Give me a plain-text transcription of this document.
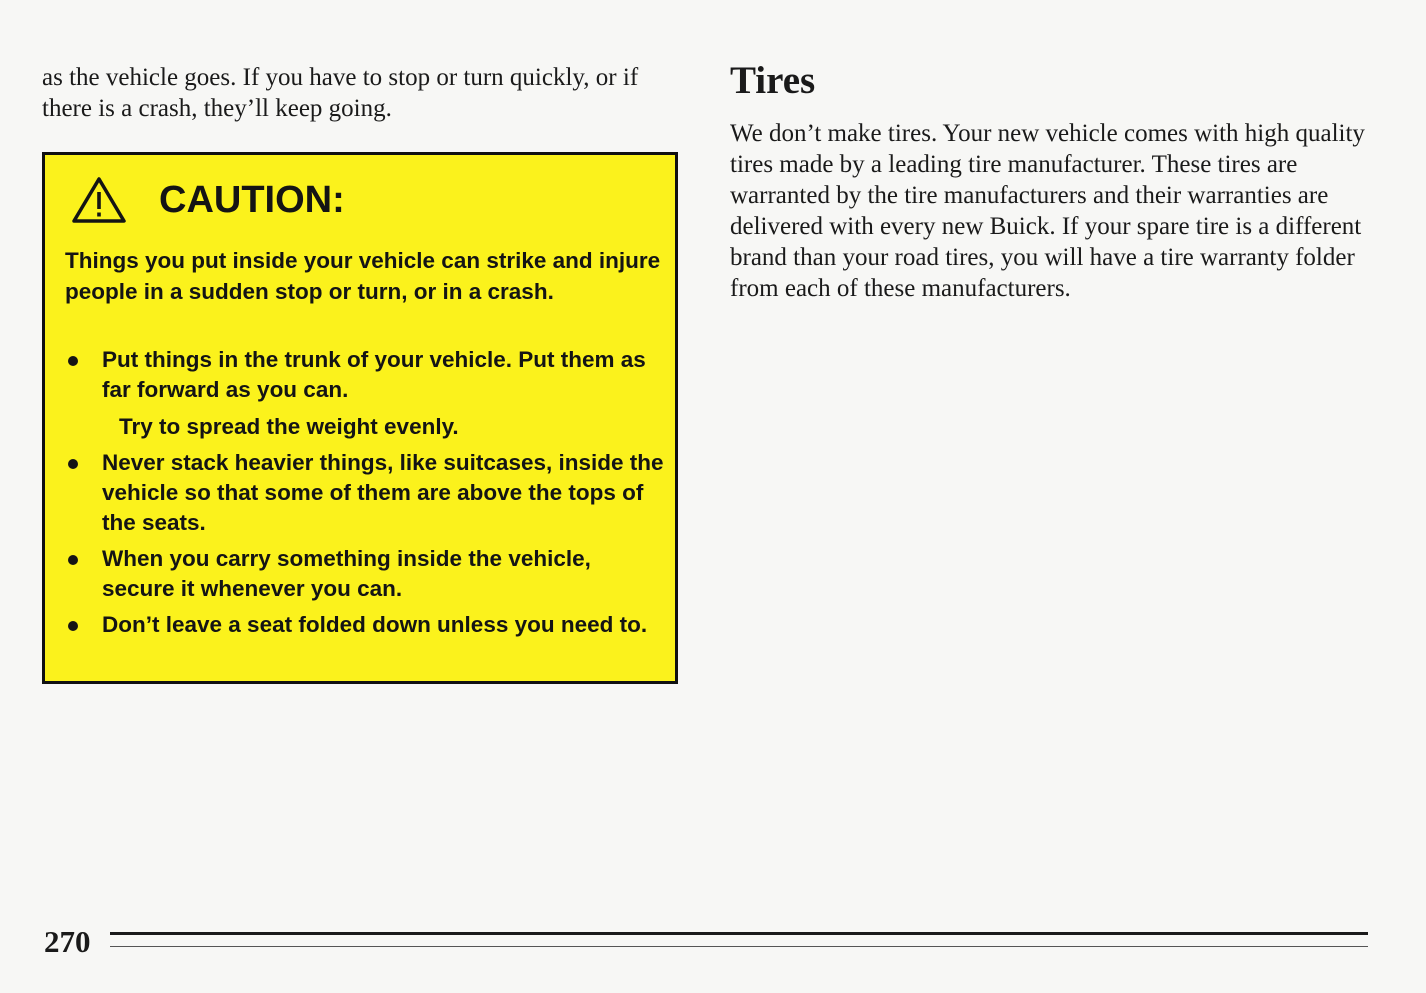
as the vehicle goes. If you have to stop or turn quickly, or if there is a crash, they’ll keep going.

CAUTION:

Things you put inside your vehicle can strike and injure people in a sudden stop or turn, or in a crash.

Put things in the trunk of your vehicle. Put them as far forward as you can.
Try to spread the weight evenly.
Never stack heavier things, like suitcases, inside the vehicle so that some of them are above the tops of the seats.
When you carry something inside the vehicle, secure it whenever you can.
Don’t leave a seat folded down unless you need to.
Tires

We don’t make tires. Your new vehicle comes with high quality tires made by a leading tire manufacturer. These tires are warranted by the tire manufacturers and their warranties are delivered with every new Buick. If your spare tire is a different brand than your road tires, you will have a tire warranty folder from each of these manufacturers.

270
